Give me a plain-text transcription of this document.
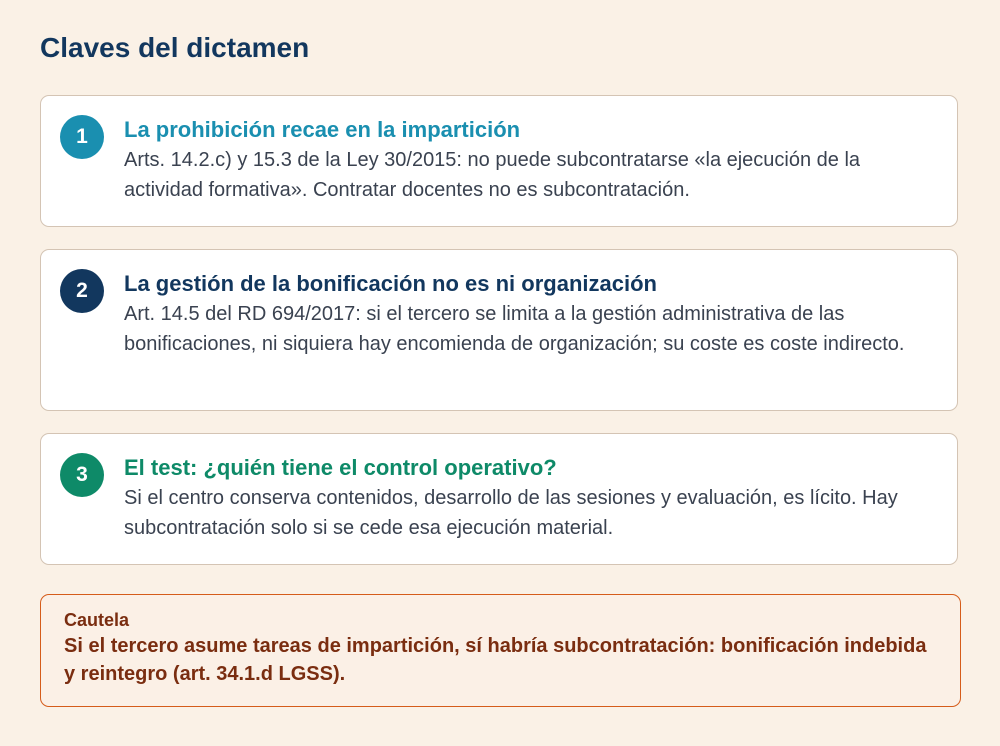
Claves del dictamen
1	La prohibición recae en la impartición
Arts. 14.2.c) y 15.3 de la Ley 30/2015: no puede subcontratarse «la ejecución de la actividad formativa». Contratar docentes no es subcontratación.
2	La gestión de la bonificación no es ni organización
Art. 14.5 del RD 694/2017: si el tercero se limita a la gestión administrativa de las bonificaciones, ni siquiera hay encomienda de organización; su coste es coste indirecto.
3	El test: ¿quién tiene el control operativo?
Si el centro conserva contenidos, desarrollo de las sesiones y evaluación, es lícito. Hay subcontratación solo si se cede esa ejecución material.
Cautela
Si el tercero asume tareas de impartición, sí habría subcontratación: bonificación indebida y reintegro (art. 34.1.d LGSS).
